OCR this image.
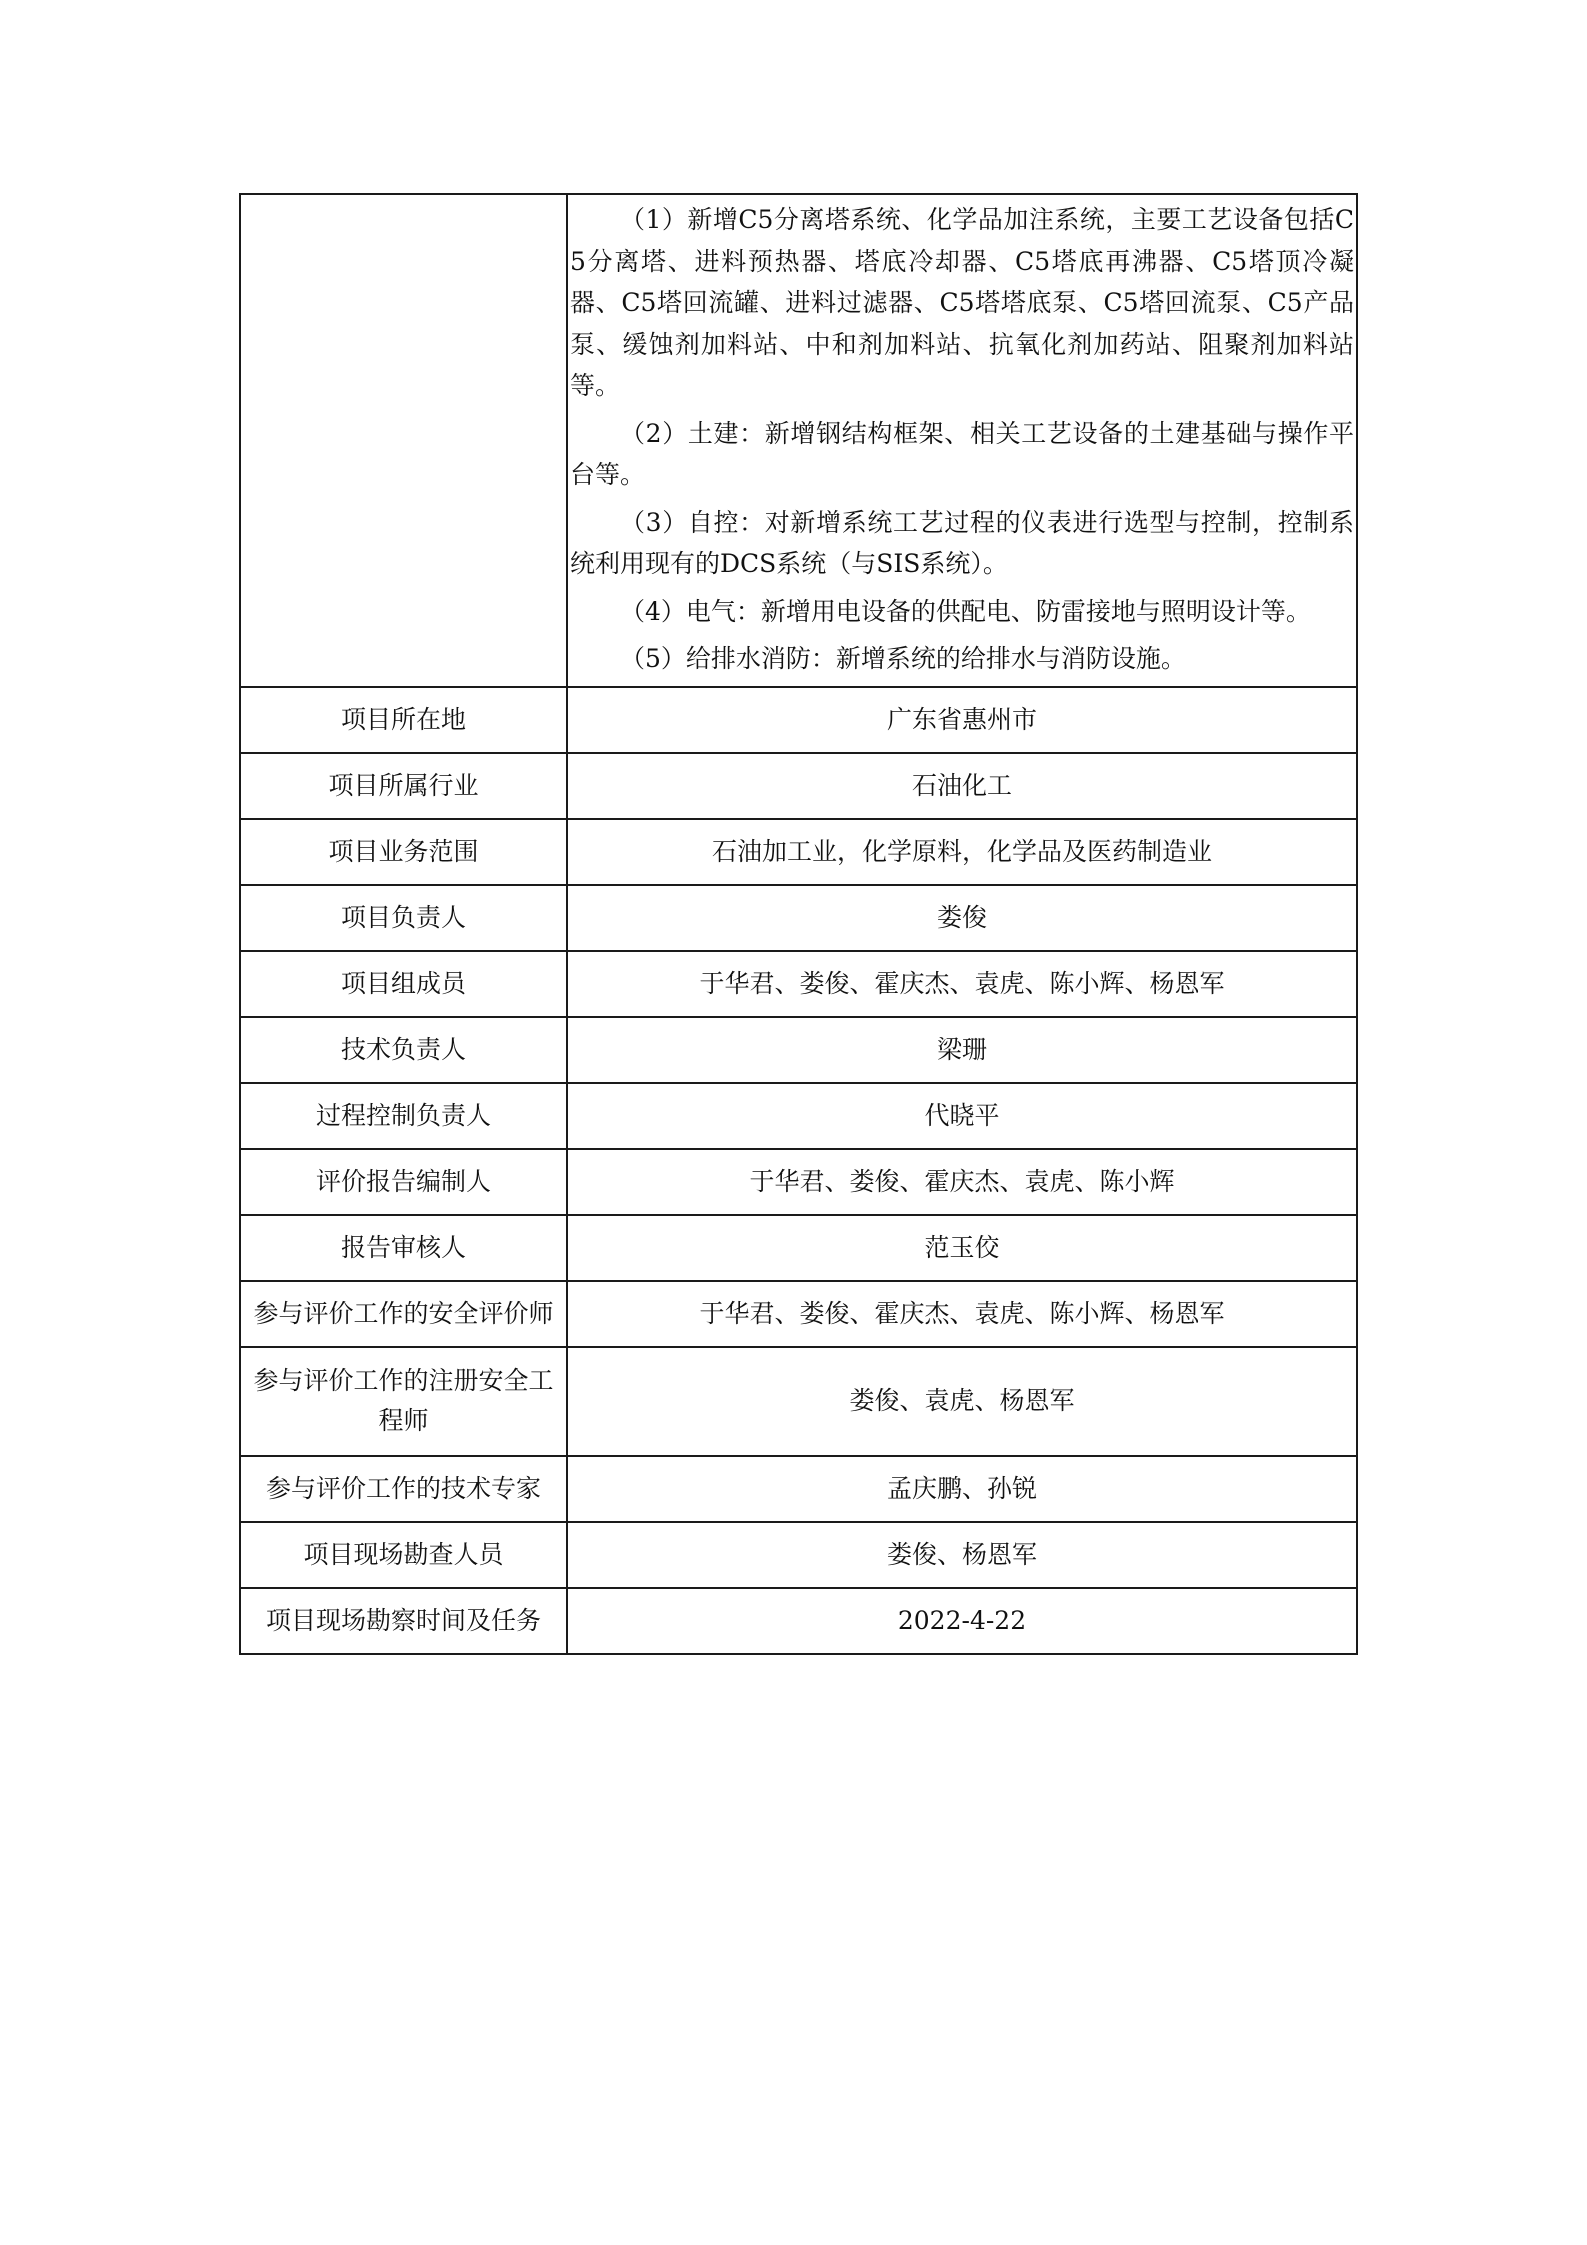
	（1）新增C5分离塔系统、化学品加注系统，主要工艺设备包括C5分离塔、进料预热器、塔底冷却器、C5塔底再沸器、C5塔顶冷凝器、C5塔回流罐、进料过滤器、C5塔塔底泵、C5塔回流泵、C5产品泵、缓蚀剂加料站、中和剂加料站、抗氧化剂加药站、阻聚剂加料站等。

（2）土建：新增钢结构框架、相关工艺设备的土建基础与操作平台等。

（3）自控：对新增系统工艺过程的仪表进行选型与控制，控制系统利用现有的DCS系统（与SIS系统）。

（4）电气：新增用电设备的供配电、防雷接地与照明设计等。

（5）给排水消防：新增系统的给排水与消防设施。

项目所在地	广东省惠州市
项目所属行业	石油化工
项目业务范围	石油加工业，化学原料，化学品及医药制造业
项目负责人	娄俊
项目组成员	于华君、娄俊、霍庆杰、袁虎、陈小辉、杨恩军
技术负责人	梁珊
过程控制负责人	代晓平
评价报告编制人	于华君、娄俊、霍庆杰、袁虎、陈小辉
报告审核人	范玉佼
参与评价工作的安全评价师	于华君、娄俊、霍庆杰、袁虎、陈小辉、杨恩军
参与评价工作的注册安全工程师	娄俊、袁虎、杨恩军
参与评价工作的技术专家	孟庆鹏、孙锐
项目现场勘查人员	娄俊、杨恩军
项目现场勘察时间及任务	2022-4-22
